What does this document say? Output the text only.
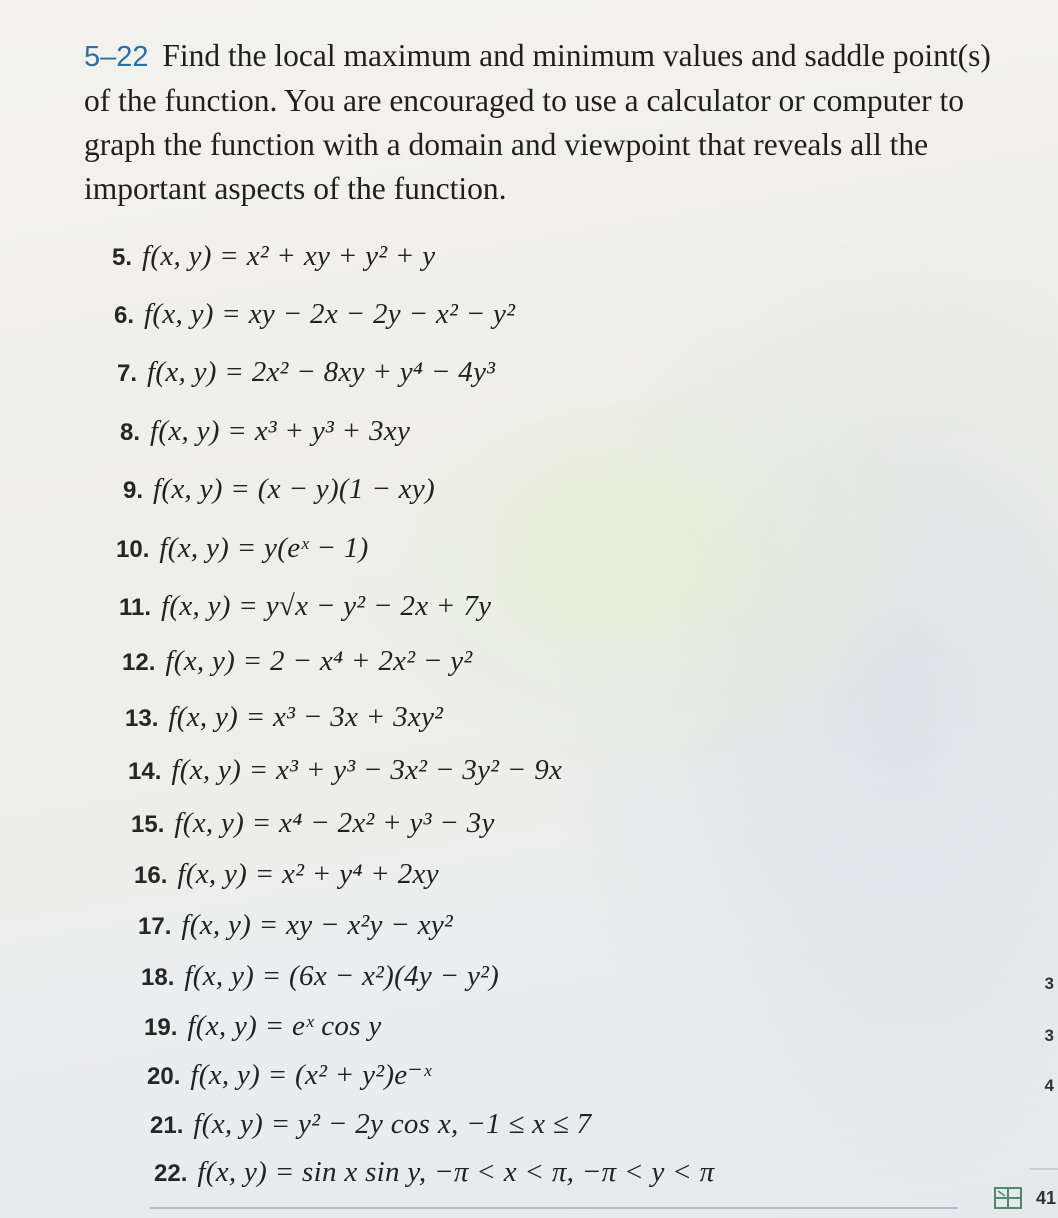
5–22 Find the local maximum and minimum values and saddle point(s) of the function. You are encouraged to use a calculator or computer to graph the function with a domain and viewpoint that reveals all the important aspects of the function.
5. f(x, y) = x² + xy + y² + y
6. f(x, y) = xy − 2x − 2y − x² − y²
7. f(x, y) = 2x² − 8xy + y⁴ − 4y³
8. f(x, y) = x³ + y³ + 3xy
9. f(x, y) = (x − y)(1 − xy)
10. f(x, y) = y(eˣ − 1)
11. f(x, y) = y√x − y² − 2x + 7y
12. f(x, y) = 2 − x⁴ + 2x² − y²
13. f(x, y) = x³ − 3x + 3xy²
14. f(x, y) = x³ + y³ − 3x² − 3y² − 9x
15. f(x, y) = x⁴ − 2x² + y³ − 3y
16. f(x, y) = x² + y⁴ + 2xy
17. f(x, y) = xy − x²y − xy²
18. f(x, y) = (6x − x²)(4y − y²)
19. f(x, y) = eˣ cos y
20. f(x, y) = (x² + y²)e⁻ˣ
21. f(x, y) = y² − 2y cos x, −1 ≤ x ≤ 7
22. f(x, y) = sin x sin y, −π < x < π, −π < y < π
3
3
4
41
